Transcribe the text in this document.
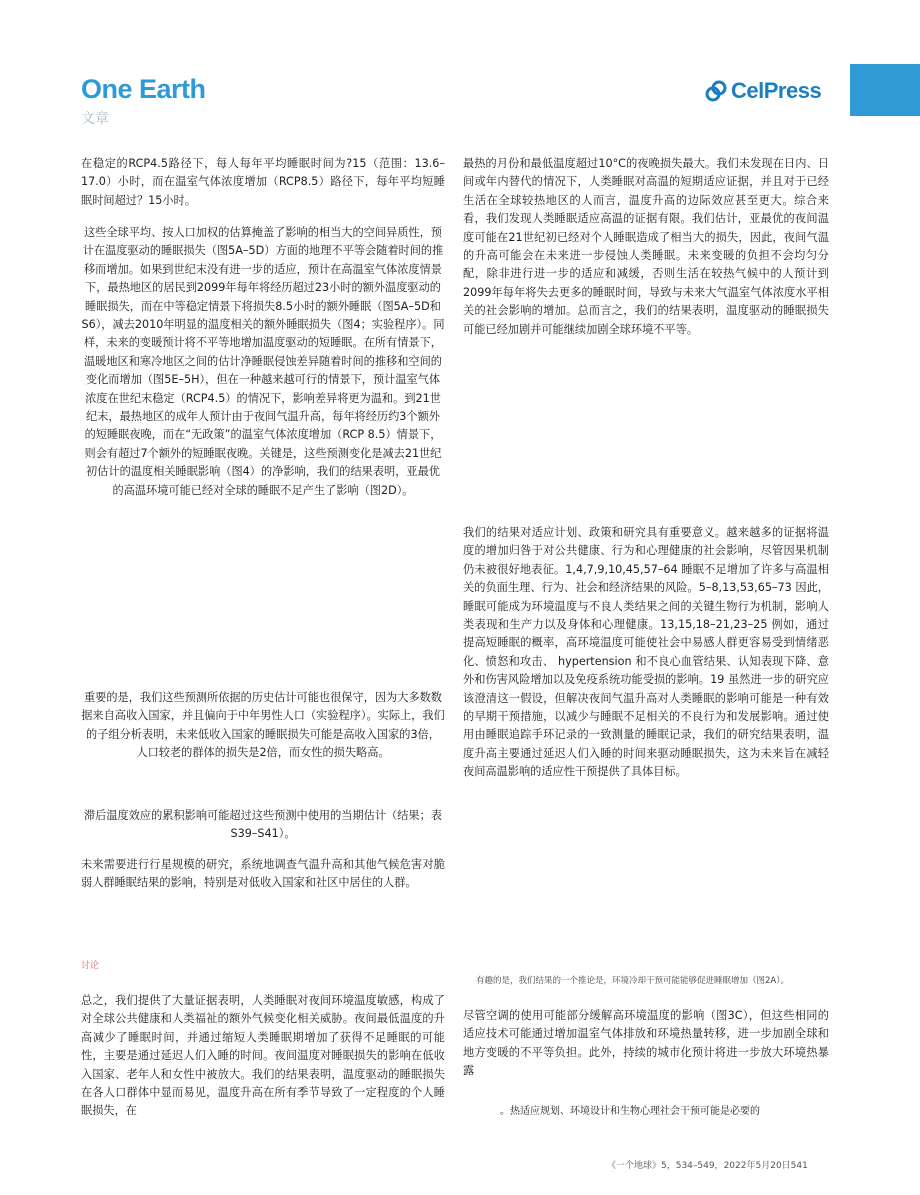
One Earth
文章
CelPress
在稳定的RCP4.5路径下，每人每年平均睡眠时间为?15（范围：13.6–17.0）小时，而在温室气体浓度增加（RCP8.5）路径下，每年平均短睡眠时间超过？15小时。
这些全球平均、按人口加权的估算掩盖了影响的相当大的空间异质性，预计在温度驱动的睡眠损失（图5A–5D）方面的地理不平等会随着时间的推移而增加。如果到世纪末没有进一步的适应，预计在高温室气体浓度情景下，最热地区的居民到2099年每年将经历超过23小时的额外温度驱动的睡眠损失，而在中等稳定情景下将损失8.5小时的额外睡眠（图5A–5D和S6），减去2010年明显的温度相关的额外睡眠损失（图4；实验程序）。同样，未来的变暖预计将不平等地增加温度驱动的短睡眠。在所有情景下，温暖地区和寒冷地区之间的估计净睡眠侵蚀差异随着时间的推移和空间的变化而增加（图5E–5H），但在一种越来越可行的情景下，预计温室气体浓度在世纪末稳定（RCP4.5）的情况下，影响差异将更为温和。到21世纪末，最热地区的成年人预计由于夜间气温升高，每年将经历约3个额外的短睡眠夜晚，而在“无政策”的温室气体浓度增加（RCP 8.5）情景下，则会有超过7个额外的短睡眠夜晚。关键是，这些预测变化是减去21世纪初估计的温度相关睡眠影响（图4）的净影响，我们的结果表明，亚最优的高温环境可能已经对全球的睡眠不足产生了影响（图2D）。
重要的是，我们这些预测所依据的历史估计可能也很保守，因为大多数数据来自高收入国家，并且偏向于中年男性人口（实验程序）。实际上，我们的子组分析表明，未来低收入国家的睡眠损失可能是高收入国家的3倍，人口较老的群体的损失是2倍，而女性的损失略高。
滞后温度效应的累积影响可能超过这些预测中使用的当期估计（结果；表S39–S41）。
未来需要进行行星规模的研究，系统地调查气温升高和其他气候危害对脆弱人群睡眠结果的影响，特别是对低收入国家和社区中居住的人群。
讨论
总之，我们提供了大量证据表明，人类睡眠对夜间环境温度敏感，构成了对全球公共健康和人类福祉的额外气候变化相关威胁。夜间最低温度的升高减少了睡眠时间，并通过缩短人类睡眠期增加了获得不足睡眠的可能性，主要是通过延迟人们入睡的时间。夜间温度对睡眠损失的影响在低收入国家、老年人和女性中被放大。我们的结果表明，温度驱动的睡眠损失在各人口群体中显而易见，温度升高在所有季节导致了一定程度的个人睡眠损失，在
最热的月份和最低温度超过10°C的夜晚损失最大。我们未发现在日内、日间或年内替代的情况下，人类睡眠对高温的短期适应证据，并且对于已经生活在全球较热地区的人而言，温度升高的边际效应甚至更大。综合来看，我们发现人类睡眠适应高温的证据有限。我们估计，亚最优的夜间温度可能在21世纪初已经对个人睡眠造成了相当大的损失，因此，夜间气温的升高可能会在未来进一步侵蚀人类睡眠。未来变暖的负担不会均匀分配，除非进行进一步的适应和减缓，否则生活在较热气候中的人预计到2099年每年将失去更多的睡眠时间，导致与未来大气温室气体浓度水平相关的社会影响的增加。总而言之，我们的结果表明，温度驱动的睡眠损失可能已经加剧并可能继续加剧全球环境不平等。
我们的结果对适应计划、政策和研究具有重要意义。越来越多的证据将温度的增加归咎于对公共健康、行为和心理健康的社会影响，尽管因果机制仍未被很好地表征。1,4,7,9,10,45,57–64 睡眠不足增加了许多与高温相关的负面生理、行为、社会和经济结果的风险。5–8,13,53,65–73 因此，睡眠可能成为环境温度与不良人类结果之间的关键生物行为机制，影响人类表现和生产力以及身体和心理健康。13,15,18–21,23–25 例如，通过提高短睡眠的概率，高环境温度可能使社会中易感人群更容易受到情绪恶化、愤怒和攻击、 hypertension 和不良心血管结果、认知表现下降、意外和伤害风险增加以及免疫系统功能受损的影响。19 虽然进一步的研究应该澄清这一假设，但解决夜间气温升高对人类睡眠的影响可能是一种有效的早期干预措施，以减少与睡眠不足相关的不良行为和发展影响。通过使用由睡眠追踪手环记录的一致测量的睡眠记录，我们的研究结果表明，温度升高主要通过延迟人们入睡的时间来驱动睡眠损失，这为未来旨在减轻夜间高温影响的适应性干预提供了具体目标。
有趣的是，我们结果的一个推论是，环境冷却干预可能能够促进睡眠增加（图2A）。
尽管空调的使用可能部分缓解高环境温度的影响（图3C），但这些相同的适应技术可能通过增加温室气体排放和环境热量转移，进一步加剧全球和地方变暖的不平等负担。此外，持续的城市化预计将进一步放大环境热暴露
。热适应规划、环境设计和生物心理社会干预可能是必要的
《一个地球》5，534–549，2022年5月20日541
